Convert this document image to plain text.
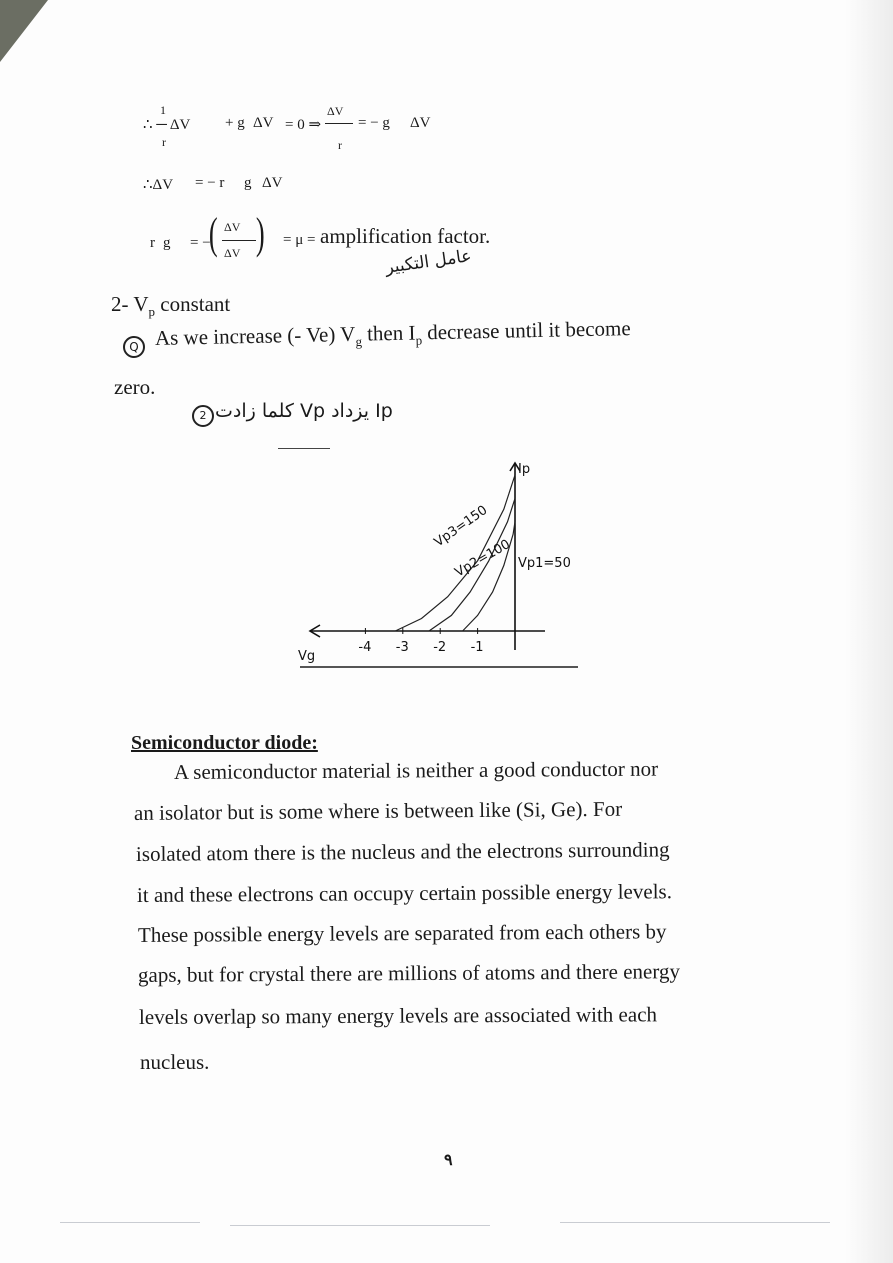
1
∴ ─ ΔV
r
+ g ΔV = 0 ⇒
ΔV
r
= − g ΔV
∴ΔV = − r g ΔV
r g = −
( ΔV
ΔV ) = μ = amplification factor.
عامل التكبير
2- $V_p$ constant
Q As we increase (- Ve) $V_g$ then $I_p$ decrease until it become
zero.
2 كلما زادت Vp يزداد Ip
Vp3=150
Vp2=100 Vp1=50
-4 -3 -2 -1
Vg
Ip
Semiconductor diode:
A semiconductor material is neither a good conductor nor
an isolator but is some where is between like (Si, Ge). For
isolated atom there is the nucleus and the electrons surrounding
it and these electrons can occupy certain possible energy levels.
These possible energy levels are separated from each others by
gaps, but for crystal there are millions of atoms and there energy
levels overlap so many energy levels are associated with each
nucleus.
٩
